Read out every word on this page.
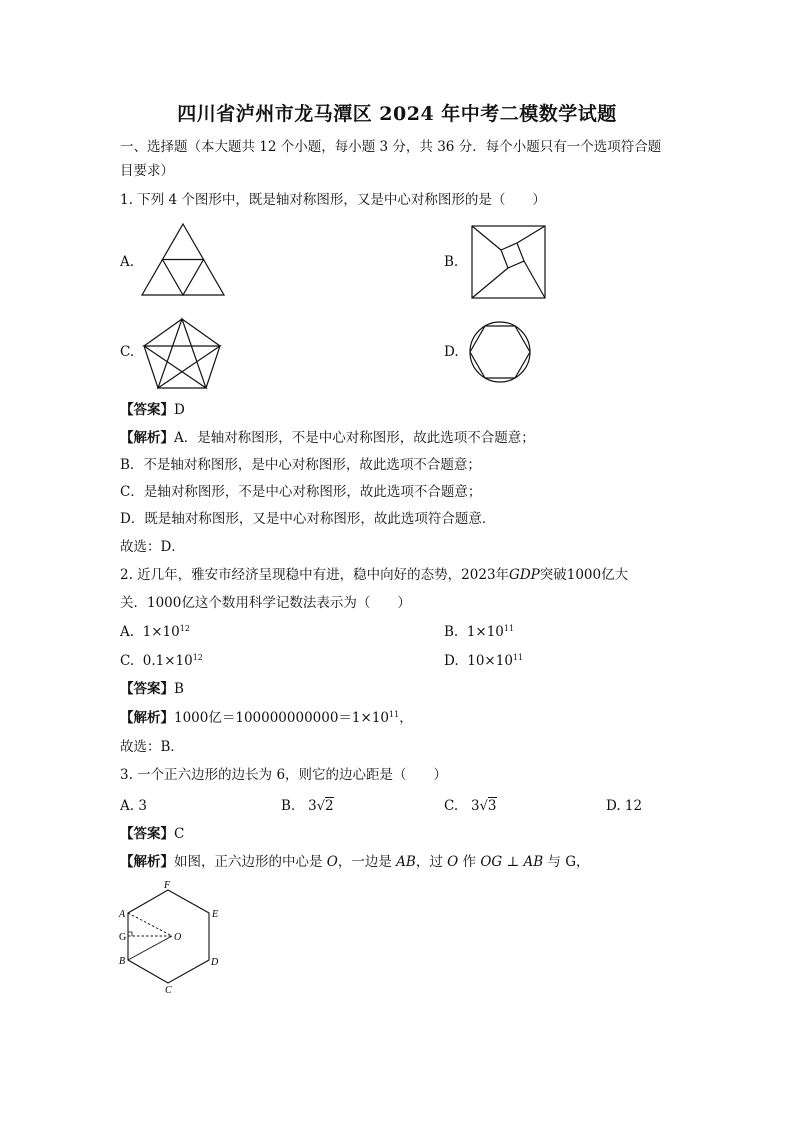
四川省泸州市龙马潭区 2024 年中考二模数学试题
一、选择题（本大题共 12 个小题，每小题 3 分，共 36 分．每个小题只有一个选项符合题
目要求）
1. 下列 4 个图形中，既是轴对称图形，又是中心对称图形的是（　　）
A.	B.
C.	D.
【答案】D
【解析】A．是轴对称图形，不是中心对称图形，故此选项不合题意；
B．不是轴对称图形，是中心对称图形，故此选项不合题意；
C．是轴对称图形，不是中心对称图形，故此选项不合题意；
D．既是轴对称图形，又是中心对称图形，故此选项符合题意．
故选：D．
2. 近几年，雅安市经济呈现稳中有进，稳中向好的态势，2023年GDP突破1000亿大
关．1000亿这个数用科学记数法表示为（　　）
A. $1\times 10^{12}$	B. $1\times 10^{11}$
C. $0.1\times 10^{12}$	D. $10\times 10^{11}$
【答案】B
【解析】1000亿$=100000000000=1\times 10^{11}$，
故选：B．
3. 一个正六边形的边长为 6，则它的边心距是（　　）
A. 3	B. 3√2	C. 3√3	D. 12
【答案】C
【解析】如图，正六边形的中心是 O，一边是 AB，过 O 作 OG ⊥ AB 与 G，
F
E
D
C
B
A
G	O
